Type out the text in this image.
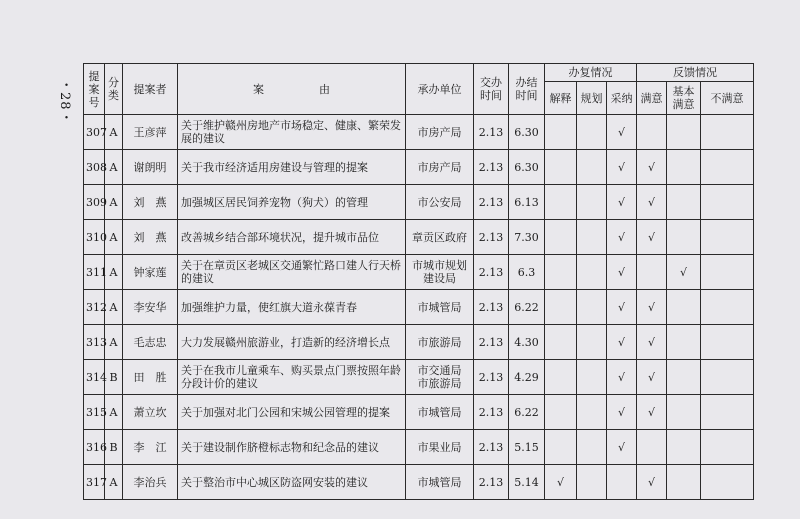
・28・
提案号	分类	提案者	案　　　　　由	承办单位	交办时间	办结时间	办复情况			反馈情况		
							解释	规划	采纳	满意	基本满意	不满意
307	A	王彦萍	关于维护赣州房地产市场稳定、健康、繁荣发展的建议	市房产局	2.13	6.30			√			
308	A	谢朗明	关于我市经济适用房建设与管理的提案	市房产局	2.13	6.30			√	√		
309	A	刘　燕	加强城区居民饲养宠物（狗犬）的管理	市公安局	2.13	6.13			√	√		
310	A	刘　燕	改善城乡结合部环境状况，提升城市品位	章贡区政府	2.13	7.30			√	√		
311	A	钟家莲	关于在章贡区老城区交通繁忙路口建人行天桥的建议	市城市规划建设局	2.13	6.3			√		√	
312	A	李安华	加强维护力量，使红旗大道永葆青春	市城管局	2.13	6.22			√	√		
313	A	毛志忠	大力发展赣州旅游业，打造新的经济增长点	市旅游局	2.13	4.30			√	√		
314	B	田　胜	关于在我市儿童乘车、购买景点门票按照年龄分段计价的建议	市交通局
市旅游局	2.13	4.29			√	√		
315	A	萧立坎	关于加强对北门公园和宋城公园管理的提案	市城管局	2.13	6.22			√	√		
316	B	李　江	关于建设制作脐橙标志物和纪念品的建议	市果业局	2.13	5.15			√			
317	A	李治兵	关于整治市中心城区防盗网安装的建议	市城管局	2.13	5.14	√			√		
